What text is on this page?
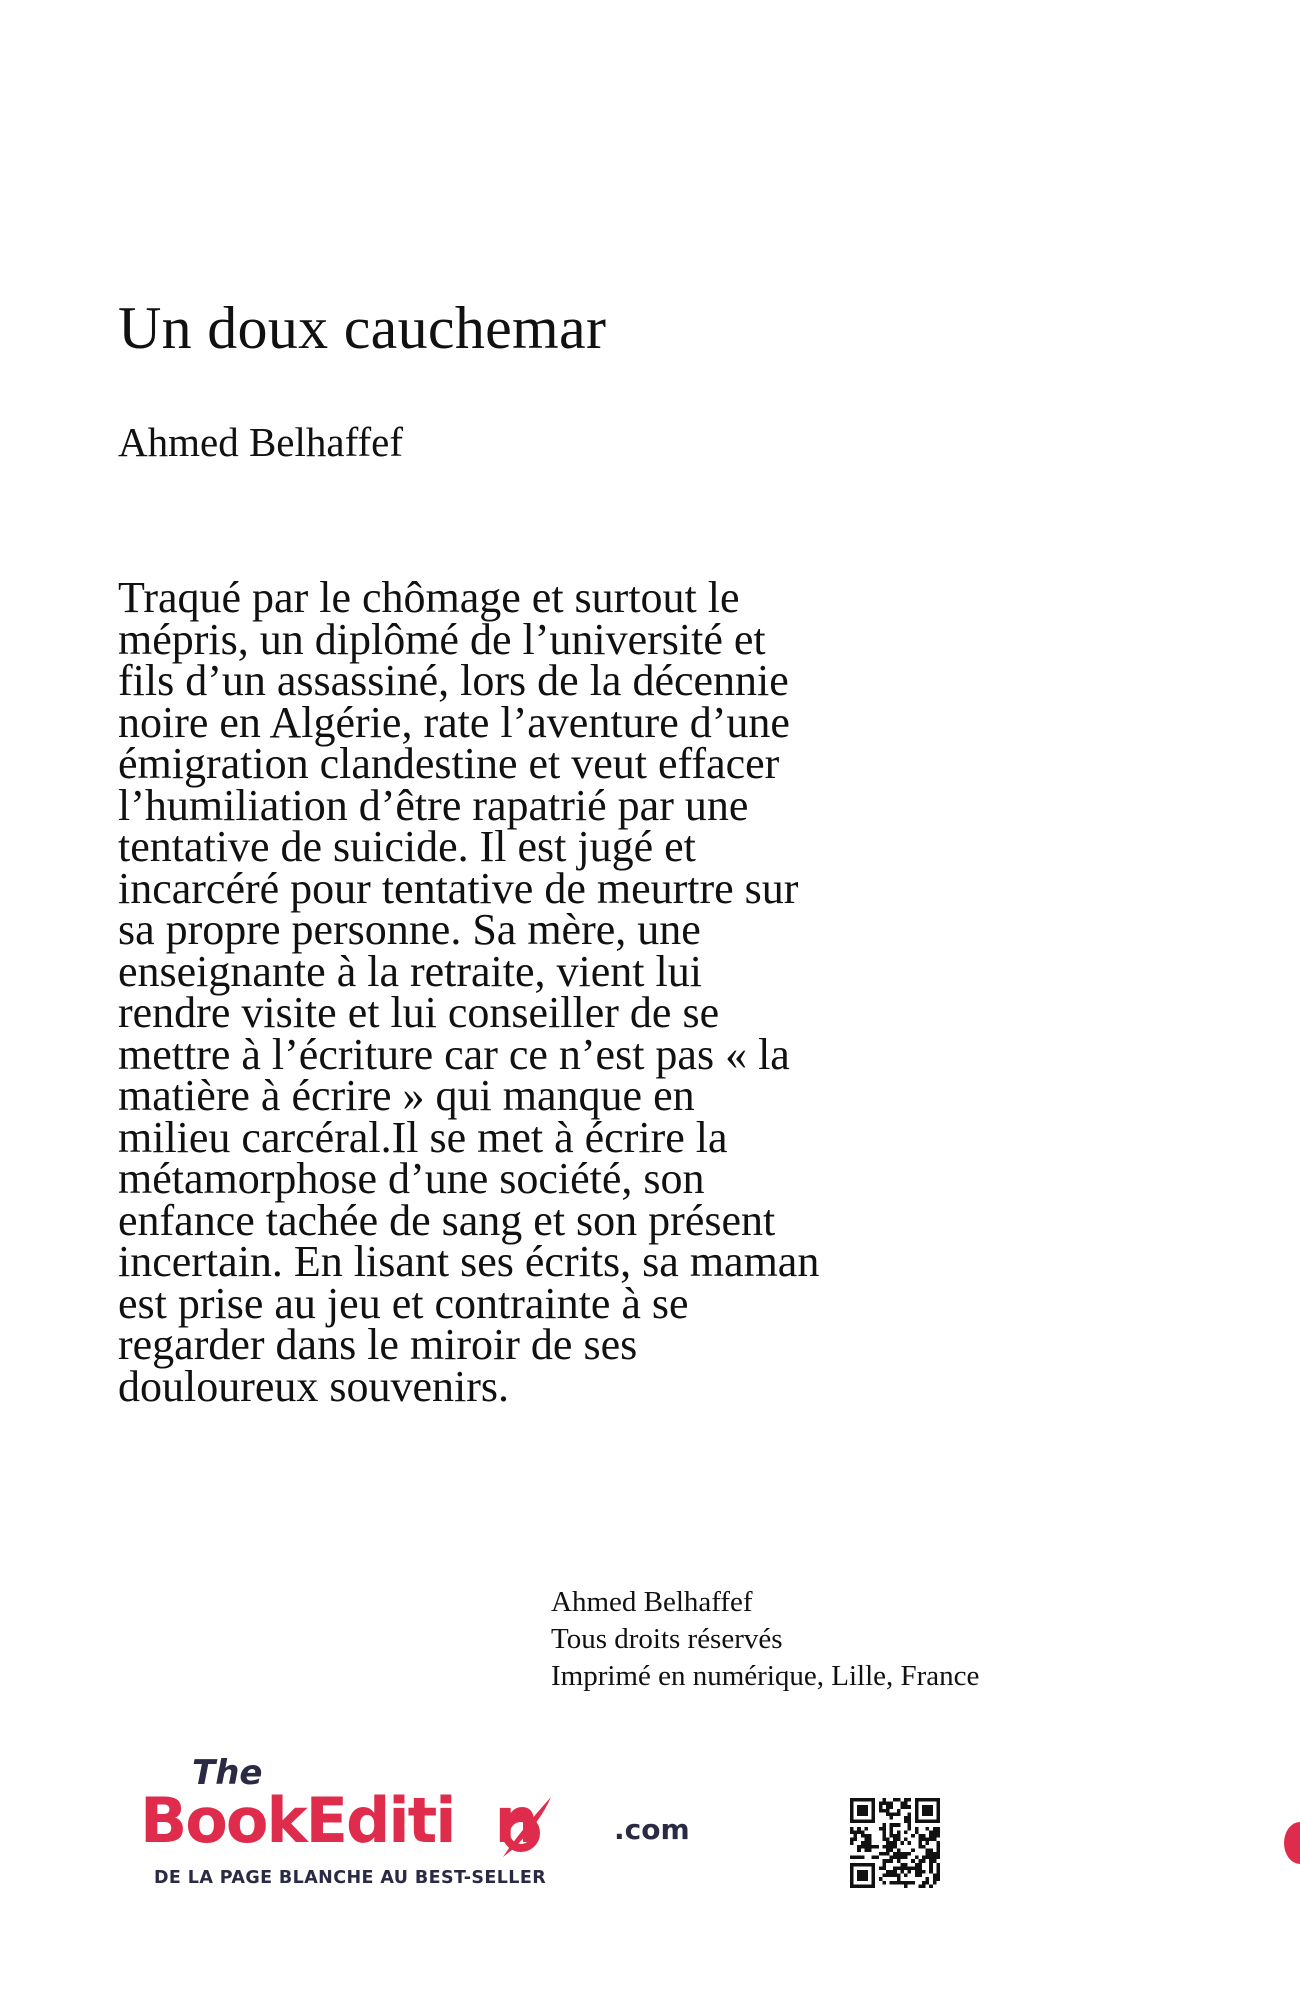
Un doux cauchemar
Ahmed Belhaffef
Traqué par le chômage et surtout le
mépris, un diplômé de l’université et
fils d’un assassiné, lors de la décennie
noire en Algérie, rate l’aventure d’une
émigration clandestine et veut effacer
l’humiliation d’être rapatrié par une
tentative de suicide. Il est jugé et
incarcéré pour tentative de meurtre sur
sa propre personne. Sa mère, une
enseignante à la retraite, vient lui
rendre visite et lui conseiller de se
mettre à l’écriture car ce n’est pas « la
matière à écrire » qui manque en
milieu carcéral.Il se met à écrire la
métamorphose d’une société, son
enfance tachée de sang et son présent
incertain. En lisant ses écrits, sa maman
est prise au jeu et contrainte à se
regarder dans le miroir de ses
douloureux souvenirs.
Ahmed Belhaffef
Tous droits réservés
Imprimé en numérique, Lille, France
The
BookEditi n	.com
DE LA PAGE BLANCHE AU BEST-SELLER
